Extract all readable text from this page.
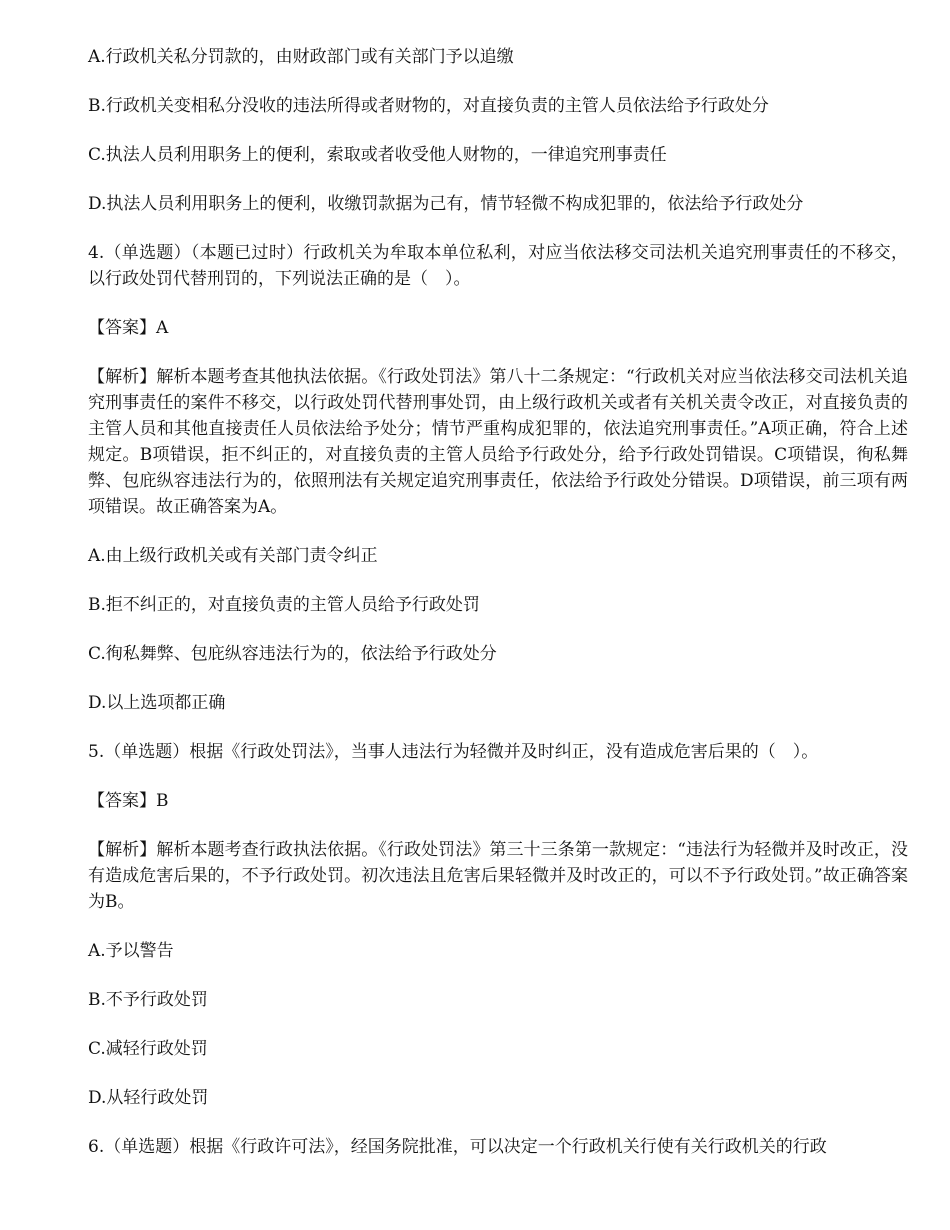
A.行政机关私分罚款的，由财政部门或有关部门予以追缴

B.行政机关变相私分没收的违法所得或者财物的，对直接负责的主管人员依法给予行政处分

C.执法人员利用职务上的便利，索取或者收受他人财物的，一律追究刑事责任

D.执法人员利用职务上的便利，收缴罚款据为己有，情节轻微不构成犯罪的，依法给予行政处分

4.（单选题）（本题已过时）行政机关为牟取本单位私利，对应当依法移交司法机关追究刑事责任的不移交，以行政处罚代替刑罚的，下列说法正确的是（　）。

【答案】A

【解析】解析本题考查其他执法依据。《行政处罚法》第八十二条规定：“行政机关对应当依法移交司法机关追究刑事责任的案件不移交，以行政处罚代替刑事处罚，由上级行政机关或者有关机关责令改正，对直接负责的主管人员和其他直接责任人员依法给予处分；情节严重构成犯罪的，依法追究刑事责任。”A项正确，符合上述规定。B项错误，拒不纠正的，对直接负责的主管人员给予行政处分，给予行政处罚错误。C项错误，徇私舞弊、包庇纵容违法行为的，依照刑法有关规定追究刑事责任，依法给予行政处分错误。D项错误，前三项有两项错误。故正确答案为A。

A.由上级行政机关或有关部门责令纠正

B.拒不纠正的，对直接负责的主管人员给予行政处罚

C.徇私舞弊、包庇纵容违法行为的，依法给予行政处分

D.以上选项都正确

5.（单选题）根据《行政处罚法》，当事人违法行为轻微并及时纠正，没有造成危害后果的（　）。

【答案】B

【解析】解析本题考查行政执法依据。《行政处罚法》第三十三条第一款规定：“违法行为轻微并及时改正，没有造成危害后果的，不予行政处罚。初次违法且危害后果轻微并及时改正的，可以不予行政处罚。”故正确答案为B。

A.予以警告

B.不予行政处罚

C.减轻行政处罚

D.从轻行政处罚

6.（单选题）根据《行政许可法》，经国务院批准，可以决定一个行政机关行使有关行政机关的行政
